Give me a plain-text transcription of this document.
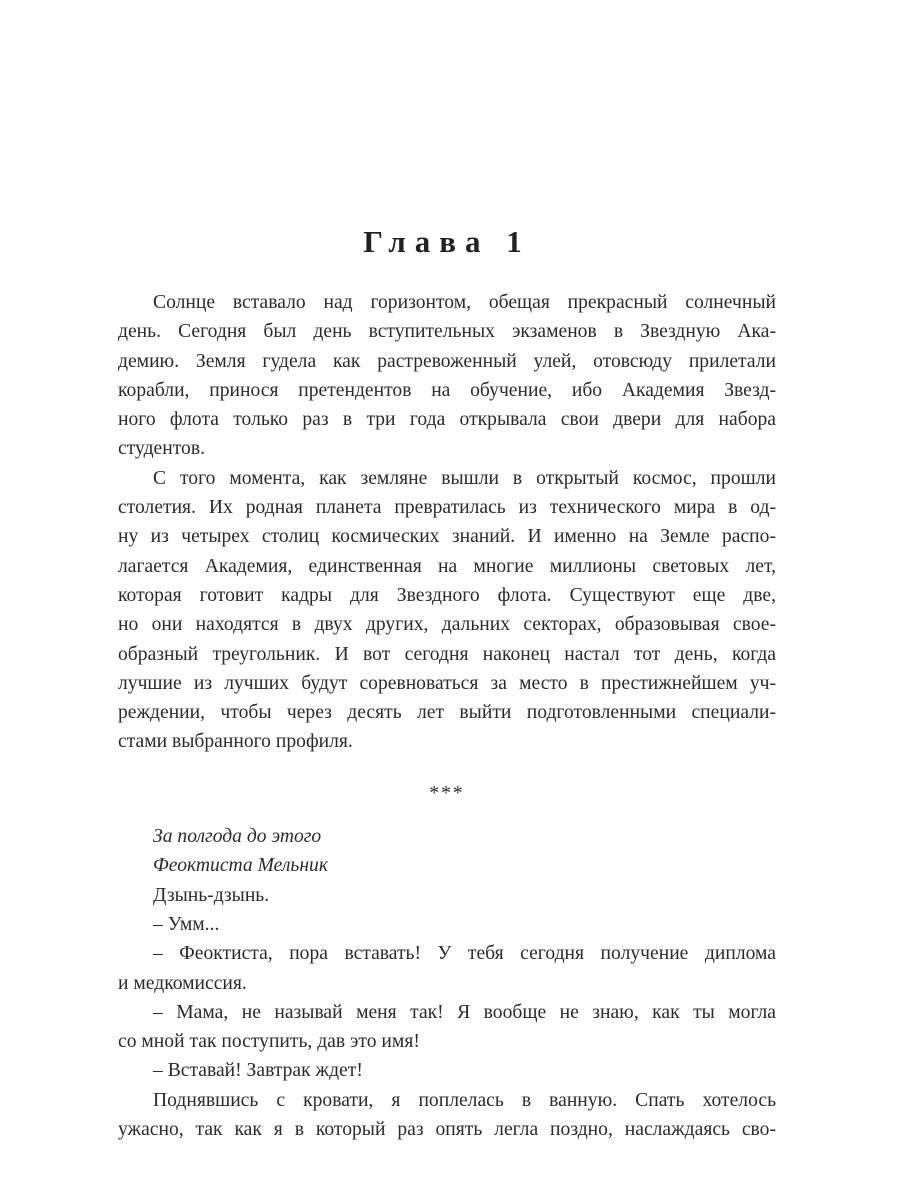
Глава 1
Солнце вставало над горизонтом, обещая прекрасный солнечный
день. Сегодня был день вступительных экзаменов в Звездную Ака-
демию. Земля гудела как растревоженный улей, отовсюду прилетали
корабли, принося претендентов на обучение, ибо Академия Звезд-
ного флота только раз в три года открывала свои двери для набора
студентов.
С того момента, как земляне вышли в открытый космос, прошли
столетия. Их родная планета превратилась из технического мира в од-
ну из четырех столиц космических знаний. И именно на Земле распо-
лагается Академия, единственная на многие миллионы световых лет,
которая готовит кадры для Звездного флота. Существуют еще две,
но они находятся в двух других, дальних секторах, образовывая свое-
образный треугольник. И вот сегодня наконец настал тот день, когда
лучшие из лучших будут соревноваться за место в престижнейшем уч-
реждении, чтобы через десять лет выйти подготовленными специали-
стами выбранного профиля.
***
За полгода до этого
Феоктиста Мельник
Дзынь-дзынь.
– Умм...
– Феоктиста, пора вставать! У тебя сегодня получение диплома
и медкомиссия.
– Мама, не называй меня так! Я вообще не знаю, как ты могла
со мной так поступить, дав это имя!
– Вставай! Завтрак ждет!
Поднявшись с кровати, я поплелась в ванную. Спать хотелось
ужасно, так как я в который раз опять легла поздно, наслаждаясь сво-
